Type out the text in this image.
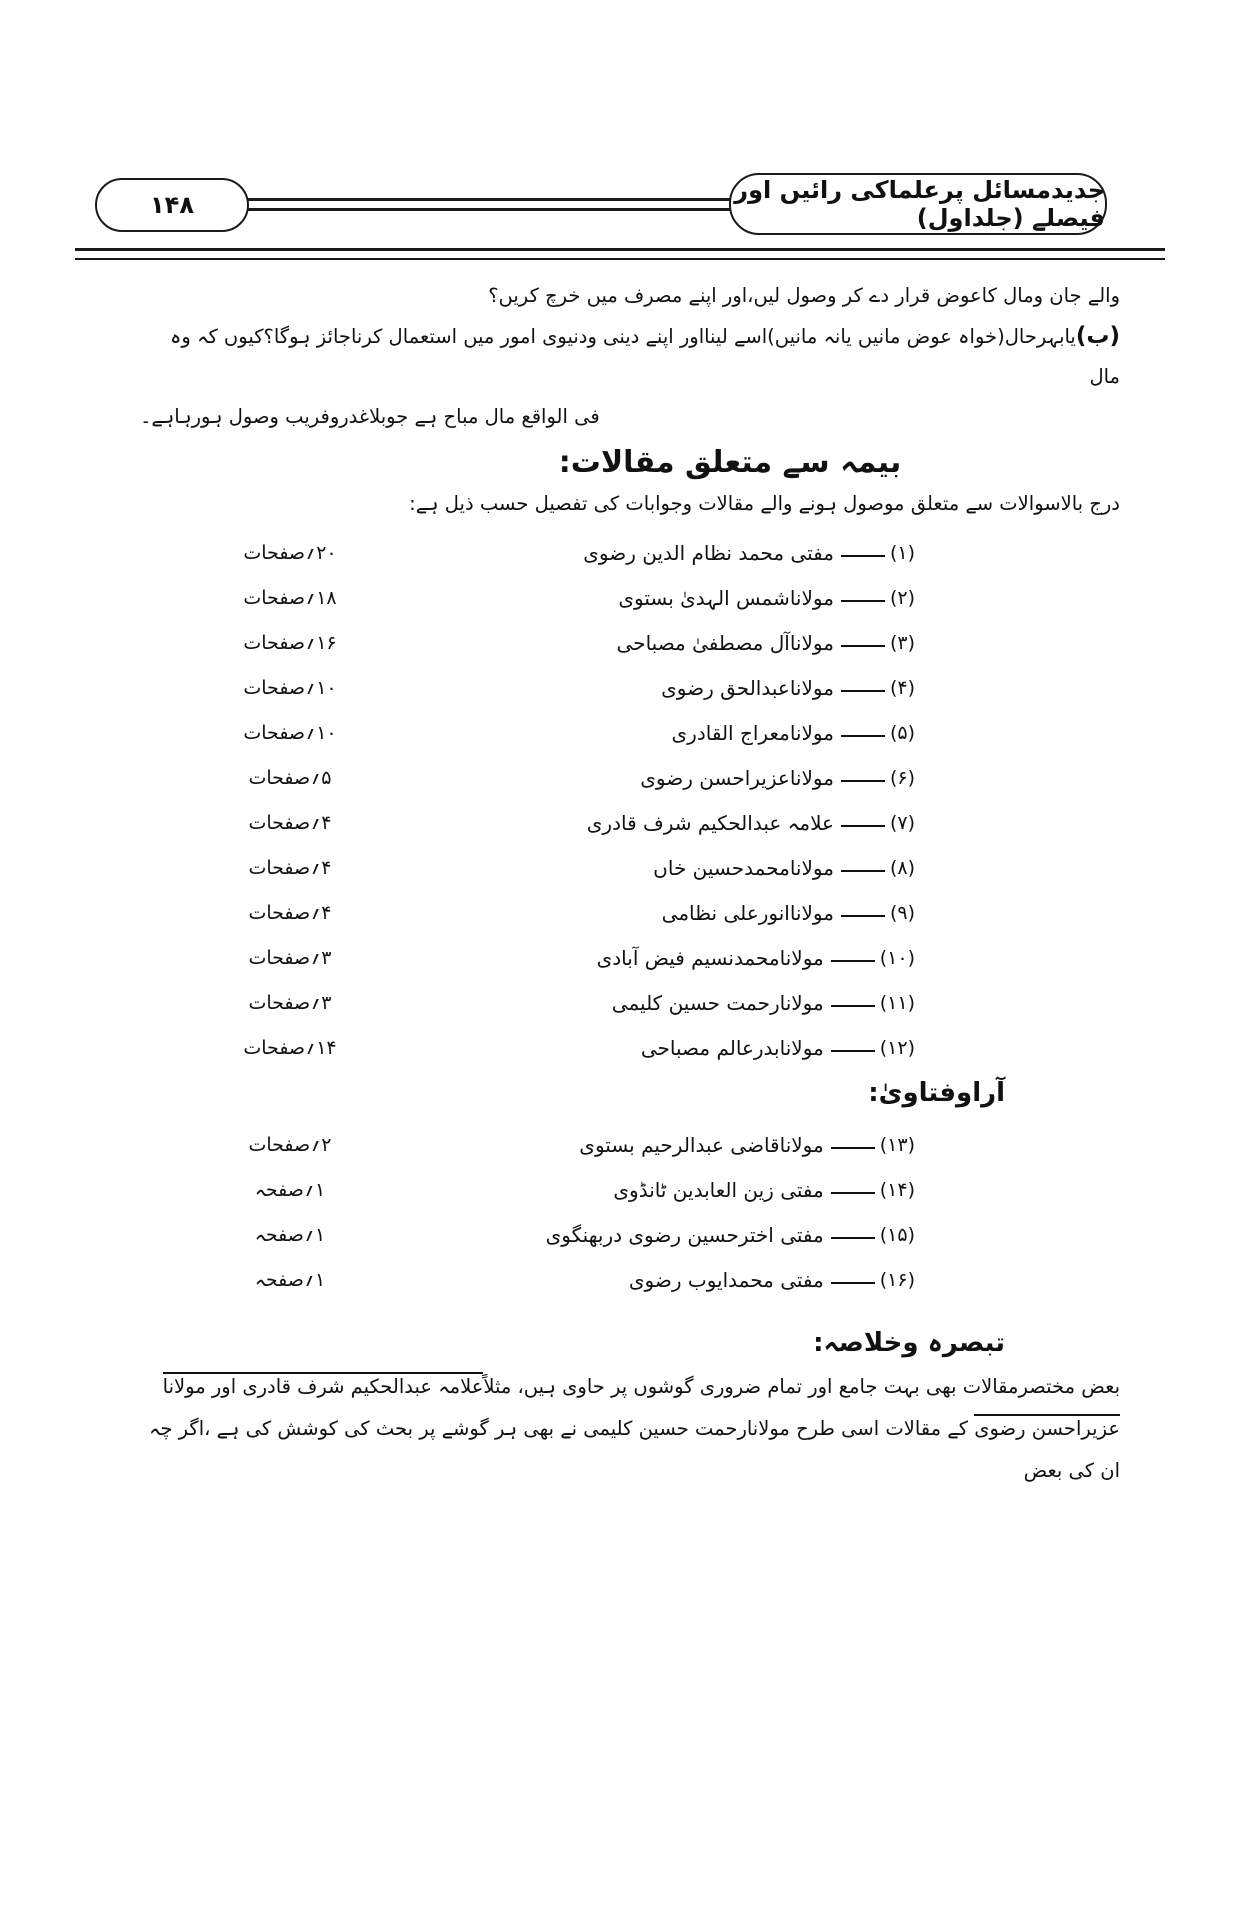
۱۴۸
جدیدمسائل پرعلماکی رائیں اور فیصلے (جلداول)
والے جان ومال کاعوض قرار دے کر وصول لیں،اور اپنے مصرف میں خرچ کریں؟
(ب)یابہرحال(خواہ عوض مانیں یانہ مانیں)اسے لینااور اپنے دینی ودنیوی امور میں استعمال کرناجائز ہوگا؟کیوں کہ وہ مال
فی الواقع مال مباح ہے جوبلاغدروفریب وصول ہورہاہے۔
بیمہ سے متعلق مقالات:
درج بالاسوالات سے متعلق موصول ہونے والے مقالات وجوابات کی تفصیل حسب ذیل ہے:
(۱)
مفتی محمد نظام الدین رضوی
۲۰؍صفحات
(۲)
مولاناشمس الہدیٰ بستوی
۱۸؍صفحات
(۳)
مولاناآلِ مصطفیٰ مصباحی
۱۶؍صفحات
(۴)
مولاناعبدالحق رضوی
۱۰؍صفحات
(۵)
مولانامعراج القادری
۱۰؍صفحات
(۶)
مولاناعزیراحسن رضوی
۵؍صفحات
(۷)
علامہ عبدالحکیم شرف قادری
۴؍صفحات
(۸)
مولانامحمدحسین خاں
۴؍صفحات
(۹)
مولاناانورعلی نظامی
۴؍صفحات
(۱۰)
مولانامحمدنسیم فیض آبادی
۳؍صفحات
(۱۱)
مولانارحمت حسین کلیمی
۳؍صفحات
(۱۲)
مولانابدرعالم مصباحی
۱۴؍صفحات
آراوفتاویٰ:
(۱۳)
مولاناقاضی عبدالرحیم بستوی
۲؍صفحات
(۱۴)
مفتی زین العابدین ٹانڈوی
۱؍صفحہ
(۱۵)
مفتی اخترحسین رضوی دربھنگوی
۱؍صفحہ
(۱۶)
مفتی محمدایوب رضوی
۱؍صفحہ
تبصرہ وخلاصہ:
بعض مختصرمقالات بھی بہت جامع اور تمام ضروری گوشوں پر حاوی ہیں، مثلاًعلامہ عبدالحکیم شرف قادری اور مولانا
عزیراحسن رضوی کے مقالات اسی طرح مولانارحمت حسین کلیمی نے بھی ہر گوشے پر بحث کی کوشش کی ہے ،اگر چہ ان کی بعض
